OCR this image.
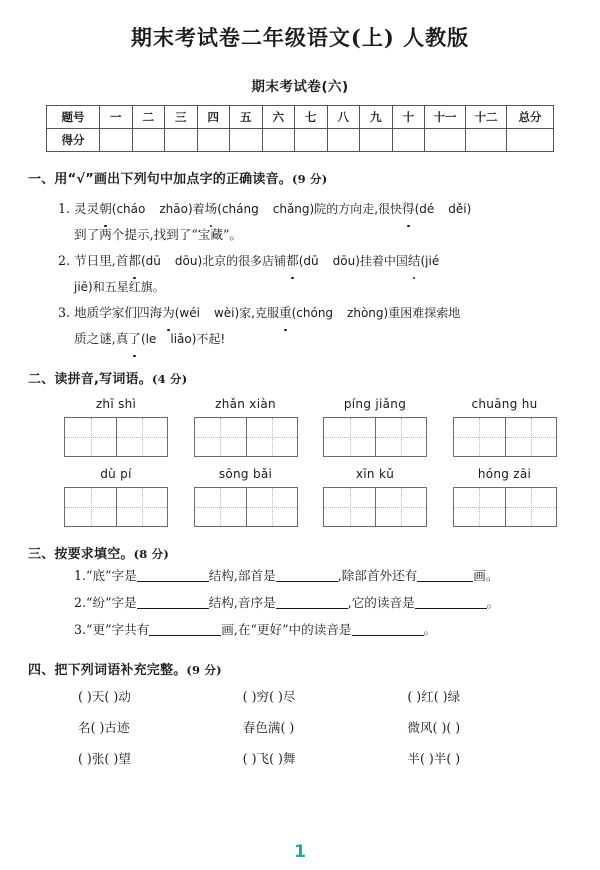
期末考试卷二年级语文(上) 人教版
期末考试卷(六)
题号	一	二	三	四	五	六	七	八	九	十	十一	十二	总分
得分													
一、用“√”画出下列句中加点字的正确读音。(9 分)
1. 灵灵朝(cháo zhāo)着场(cháng chǎng)院的方向走,很快得(dé děi)
到了两个提示,找到了“宝藏”。
2. 节日里,首都(dū dōu)北京的很多店铺都(dū dōu)挂着中国结(jié
jiē)和五星红旗。
3. 地质学家们四海为(wéi wèi)家,克服重(chóng zhòng)重困难探索地
质之谜,真了(le liǎo)不起!
二、读拼音,写词语。(4 分)
zhī shì	zhǎn xiàn	píng jiǎng	chuāng hu
dù pí	sōng bǎi	xīn kǔ	hóng zāi
三、按要求填空。(8 分)
1.“底”字是	结构,部首是	,除部首外还有	画。
2.“纷”字是	结构,音序是	,它的读音是	。
3.“更”字共有	画,在“更好”中的读音是	。
四、把下列词语补充完整。(9 分)
( )天( )动	( )穷( )尽	( )红( )绿
名( )古迹	春色满( )	微风( )( )
( )张( )望	( )飞( )舞	半( )半( )
1
